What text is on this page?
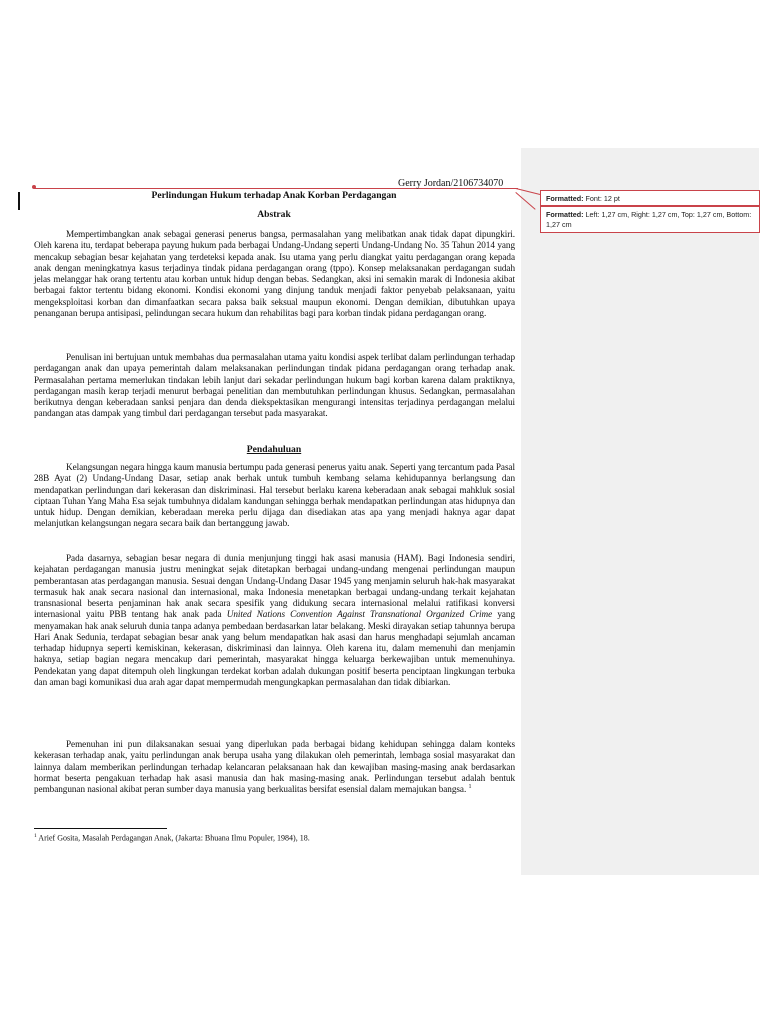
Formatted: Font: 12 pt
Formatted: Left: 1,27 cm, Right: 1,27 cm, Top: 1,27 cm, Bottom: 1,27 cm
Gerry Jordan/2106734070
Perlindungan Hukum terhadap Anak Korban Perdagangan
Abstrak

Mempertimbangkan anak sebagai generasi penerus bangsa, permasalahan yang melibatkan anak tidak dapat dipungkiri. Oleh karena itu, terdapat beberapa payung hukum pada berbagai Undang-Undang seperti Undang-Undang No. 35 Tahun 2014 yang mencakup sebagian besar kejahatan yang terdeteksi kepada anak. Isu utama yang perlu diangkat yaitu perdagangan orang kepada anak dengan meningkatnya kasus terjadinya tindak pidana perdagangan orang (tppo). Konsep melaksanakan perdagangan sudah jelas melanggar hak orang tertentu atau korban untuk hidup dengan bebas. Sedangkan, aksi ini semakin marak di Indonesia akibat berbagai faktor tertentu bidang ekonomi. Kondisi ekonomi yang dinjung tanduk menjadi faktor penyebab pelaksanaan, yaitu mengeksploitasi korban dan dimanfaatkan secara paksa baik seksual maupun ekonomi. Dengan demikian, dibutuhkan upaya penanganan berupa antisipasi, pelindungan secara hukum dan rehabilitas bagi para korban tindak pidana perdagangan orang.

Penulisan ini bertujuan untuk membahas dua permasalahan utama yaitu kondisi aspek terlibat dalam perlindungan terhadap perdagangan anak dan upaya pemerintah dalam melaksanakan perlindungan tindak pidana perdagangan orang terhadap anak. Permasalahan pertama memerlukan tindakan lebih lanjut dari sekadar perlindungan hukum bagi korban karena dalam praktiknya, perdagangan masih kerap terjadi menurut berbagai penelitian dan membutuhkan perlindungan khusus. Sedangkan, permasalahan berikutnya dengan keberadaan sanksi penjara dan denda diekspektasikan mengurangi intensitas terjadinya perdagangan melalui pandangan atas dampak yang timbul dari perdagangan tersebut pada masyarakat.

Pendahuluan

Kelangsungan negara hingga kaum manusia bertumpu pada generasi penerus yaitu anak. Seperti yang tercantum pada Pasal 28B Ayat (2) Undang-Undang Dasar, setiap anak berhak untuk tumbuh kembang selama kehidupannya berlangsung dan mendapatkan perlindungan dari kekerasan dan diskriminasi. Hal tersebut berlaku karena keberadaan anak sebagai mahkluk sosial ciptaan Tuhan Yang Maha Esa sejak tumbuhnya didalam kandungan sehingga berhak mendapatkan perlindungan atas hidupnya dan untuk hidup. Dengan demikian, keberadaan mereka perlu dijaga dan disediakan atas apa yang menjadi haknya agar dapat melanjutkan kelangsungan negara secara baik dan bertanggung jawab.

Pada dasarnya, sebagian besar negara di dunia menjunjung tinggi hak asasi manusia (HAM). Bagi Indonesia sendiri, kejahatan perdagangan manusia justru meningkat sejak ditetapkan berbagai undang-undang mengenai perlindungan maupun pemberantasan atas perdagangan manusia. Sesuai dengan Undang-Undang Dasar 1945 yang menjamin seluruh hak-hak masyarakat termasuk hak anak secara nasional dan internasional, maka Indonesia menetapkan berbagai undang-undang terkait kejahatan transnasional beserta penjaminan hak anak secara spesifik yang didukung secara internasional melalui ratifikasi konversi internasional yaitu PBB tentang hak anak pada United Nations Convention Against Transnational Organized Crime yang menyamakan hak anak seluruh dunia tanpa adanya pembedaan berdasarkan latar belakang. Meski dirayakan setiap tahunnya berupa Hari Anak Sedunia, terdapat sebagian besar anak yang belum mendapatkan hak asasi dan harus menghadapi sejumlah ancaman terhadap hidupnya seperti kemiskinan, kekerasan, diskriminasi dan lainnya. Oleh karena itu, dalam memenuhi dan menjamin haknya, setiap bagian negara mencakup dari pemerintah, masyarakat hingga keluarga berkewajiban untuk memenuhinya. Pendekatan yang dapat ditempuh oleh lingkungan terdekat korban adalah dukungan positif beserta penciptaan lingkungan terbuka dan aman bagi komunikasi dua arah agar dapat mempermudah mengungkapkan permasalahan dan tidak dibiarkan.

Pemenuhan ini pun dilaksanakan sesuai yang diperlukan pada berbagai bidang kehidupan sehingga dalam konteks kekerasan terhadap anak, yaitu perlindungan anak berupa usaha yang dilakukan oleh pemerintah, lembaga sosial masyarakat dan lainnya dalam memberikan perlindungan terhadap kelancaran pelaksanaan hak dan kewajiban masing-masing anak berdasarkan hormat beserta pengakuan terhadap hak asasi manusia dan hak masing-masing anak. Perlindungan tersebut adalah bentuk pembangunan nasional akibat peran sumber daya manusia yang berkualitas bersifat esensial dalam memajukan bangsa. $^1$

$^1$ Arief Gosita, Masalah Perdagangan Anak, (Jakarta: Bhuana Ilmu Populer, 1984), 18.
